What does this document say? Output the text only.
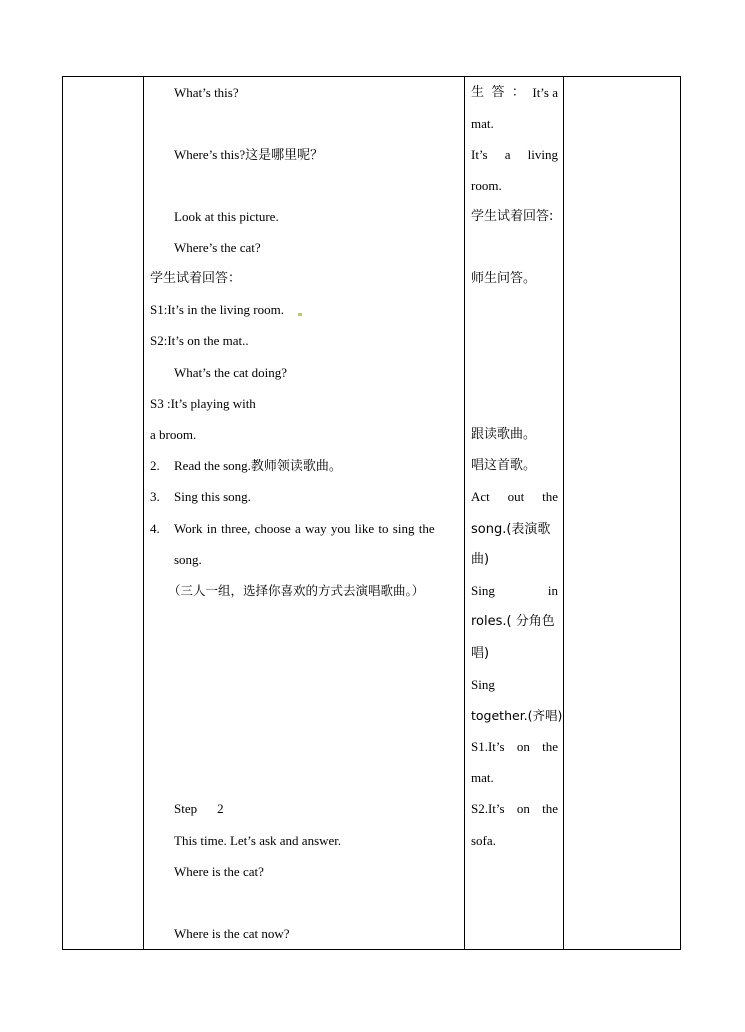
What’s this?
Where’s this?这是哪里呢？
Look at this picture.
Where’s the cat?
学生试着回答：
S1:It’s in the living room.
S2:It’s on the mat..
What’s the cat doing?
S3 :It’s playing with
a broom.
2. Read the song.教师领读歌曲。
3. Sing this song.
4. Work in three, choose a way you like to sing the
song.
（三人一组，选择你喜欢的方式去演唱歌曲。）
Step 2
This time. Let’s ask and answer.
Where is the cat?
Where is the cat now?
生 答 ： It’s a
mat.
It’s a living
room.
学生试着回答:
师生问答。
跟读歌曲。
唱这首歌。
Act out the
song.(表演歌
曲)
Sing	in
roles.( 分角色
唱)
Sing
together.(齐唱)
S1.It’s on the
mat.
S2.It’s on the
sofa.
